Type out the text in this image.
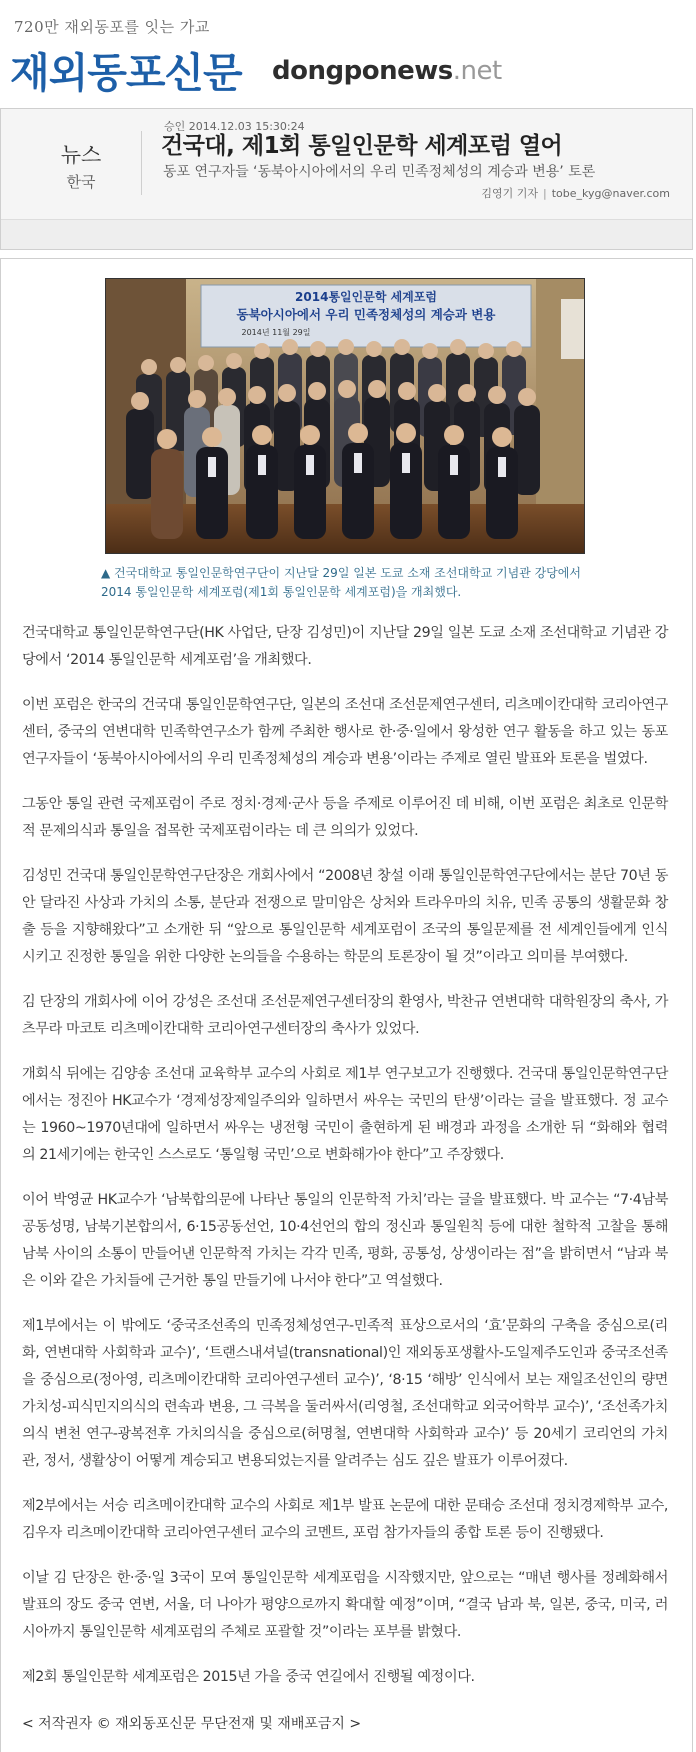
720만 재외동포를 잇는 가교
재외동포신문 dongponews.net
뉴스
한국
건국대, 제1회 통일인문학 세계포럼 열어
동포 연구자들 ‘동북아시아에서의 우리 민족정체성의 계승과 변용’ 토론
김영기 기자 | tobe_kyg@naver.com
승인 2014.12.03 15:30:24
2014통일인문학 세계포럼
동북아시아에서 우리 민족정체성의 계승과 변용
2014년 11월 29일
▲ 건국대학교 통일인문학연구단이 지난달 29일 일본 도쿄 소재 조선대학교 기념관 강당에서 2014 통일인문학 세계포럼(제1회 통일인문학 세계포럼)을 개최했다.

건국대학교 통일인문학연구단(HK 사업단, 단장 김성민)이 지난달 29일 일본 도쿄 소재 조선대학교 기념관 강당에서 ‘2014 통일인문학 세계포럼’을 개최했다.

이번 포럼은 한국의 건국대 통일인문학연구단, 일본의 조선대 조선문제연구센터, 리츠메이칸대학 코리아연구센터, 중국의 연변대학 민족학연구소가 함께 주최한 행사로 한·중·일에서 왕성한 연구 활동을 하고 있는 동포 연구자들이 ‘동북아시아에서의 우리 민족정체성의 계승과 변용’이라는 주제로 열린 발표와 토론을 벌였다.

그동안 통일 관련 국제포럼이 주로 정치·경제·군사 등을 주제로 이루어진 데 비해, 이번 포럼은 최초로 인문학적 문제의식과 통일을 접목한 국제포럼이라는 데 큰 의의가 있었다.

김성민 건국대 통일인문학연구단장은 개회사에서 “2008년 창설 이래 통일인문학연구단에서는 분단 70년 동안 달라진 사상과 가치의 소통, 분단과 전쟁으로 말미암은 상처와 트라우마의 치유, 민족 공통의 생활문화 창출 등을 지향해왔다”고 소개한 뒤 “앞으로 통일인문학 세계포럼이 조국의 통일문제를 전 세계인들에게 인식시키고 진정한 통일을 위한 다양한 논의들을 수용하는 학문의 토론장이 될 것”이라고 의미를 부여했다.

김 단장의 개회사에 이어 강성은 조선대 조선문제연구센터장의 환영사, 박찬규 연변대학 대학원장의 축사, 가츠무라 마코토 리츠메이칸대학 코리아연구센터장의 축사가 있었다.

개회식 뒤에는 김양송 조선대 교육학부 교수의 사회로 제1부 연구보고가 진행했다. 건국대 통일인문학연구단에서는 정진아 HK교수가 ‘경제성장제일주의와 일하면서 싸우는 국민의 탄생’이라는 글을 발표했다. 정 교수는 1960~1970년대에 일하면서 싸우는 냉전형 국민이 출현하게 된 배경과 과정을 소개한 뒤 “화해와 협력의 21세기에는 한국인 스스로도 ‘통일형 국민’으로 변화해가야 한다”고 주장했다.

이어 박영균 HK교수가 ‘남북합의문에 나타난 통일의 인문학적 가치’라는 글을 발표했다. 박 교수는 “7·4남북공동성명, 남북기본합의서, 6·15공동선언, 10·4선언의 합의 정신과 통일원칙 등에 대한 철학적 고찰을 통해 남북 사이의 소통이 만들어낸 인문학적 가치는 각각 민족, 평화, 공통성, 상생이라는 점”을 밝히면서 “남과 북은 이와 같은 가치들에 근거한 통일 만들기에 나서야 한다”고 역설했다.

제1부에서는 이 밖에도 ‘중국조선족의 민족정체성연구-민족적 표상으로서의 ‘효’문화의 구축을 중심으로(리 화, 연변대학 사회학과 교수)’, ‘트랜스내셔널(transnational)인 재외동포생활사-도일제주도인과 중국조선족을 중심으로(정아영, 리츠메이칸대학 코리아연구센터 교수)’, ‘8·15 ‘해방’ 인식에서 보는 재일조선인의 량면가치성-피식민지의식의 련속과 변용, 그 극복을 둘러싸서(리영철, 조선대학교 외국어학부 교수)’, ‘조선족가치의식 변천 연구-광복전후 가치의식을 중심으로(허명철, 연변대학 사회학과 교수)’ 등 20세기 코리언의 가치관, 정서, 생활상이 어떻게 계승되고 변용되었는지를 알려주는 심도 깊은 발표가 이루어졌다.

제2부에서는 서승 리츠메이칸대학 교수의 사회로 제1부 발표 논문에 대한 문태승 조선대 정치경제학부 교수, 김우자 리츠메이칸대학 코리아연구센터 교수의 코멘트, 포럼 참가자들의 종합 토론 등이 진행됐다.

이날 김 단장은 한·중·일 3국이 모여 통일인문학 세계포럼을 시작했지만, 앞으로는 “매년 행사를 정례화해서 발표의 장도 중국 연변, 서울, 더 나아가 평양으로까지 확대할 예정”이며, “결국 남과 북, 일본, 중국, 미국, 러시아까지 통일인문학 세계포럼의 주체로 포괄할 것”이라는 포부를 밝혔다.

제2회 통일인문학 세계포럼은 2015년 가을 중국 연길에서 진행될 예정이다.

< 저작권자 © 재외동포신문 무단전재 및 재배포금지 >
